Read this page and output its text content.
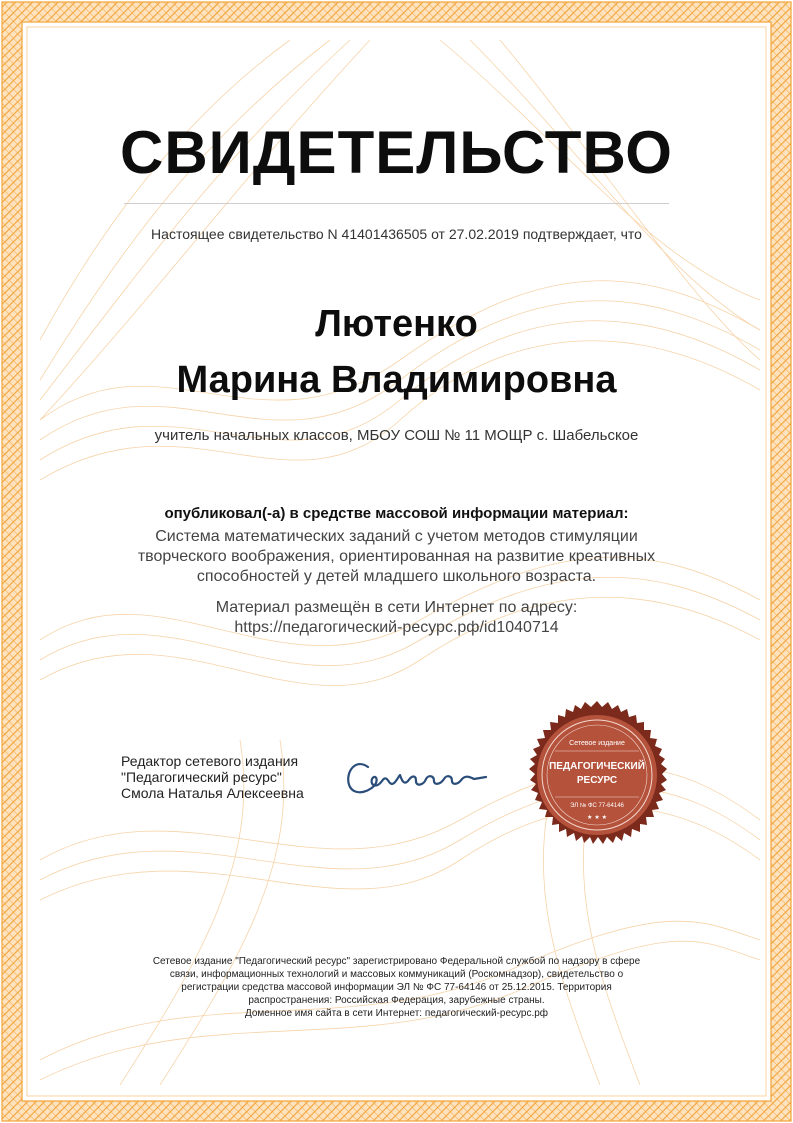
СВИДЕТЕЛЬСТВО
Настоящее свидетельство N 41401436505 от 27.02.2019 подтверждает, что
Лютенко
Марина Владимировна
учитель начальных классов, МБОУ СОШ № 11 МОЩР с. Шабельское
опубликовал(-а) в средстве массовой информации материал:
Система математических заданий с учетом методов стимуляции
творческого воображения, ориентированная на развитие креативных
способностей у детей младшего школьного возраста.
Материал размещён в сети Интернет по адресу:
https://педагогический-ресурс.рф/id1040714
Редактор сетевого издания
"Педагогический ресурс"
Смола Наталья Алексеевна
Сетевое издание
ПЕДАГОГИЧЕСКИЙ
РЕСУРС
ЭЛ № ФС 77-64146
★ ★ ★
Сетевое издание "Педагогический ресурс" зарегистрировано Федеральной службой по надзору в сфере
связи, информационных технологий и массовых коммуникаций (Роскомнадзор), свидетельство о
регистрации средства массовой информации ЭЛ № ФС 77-64146 от 25.12.2015. Территория
распространения: Российская Федерация, зарубежные страны.
Доменное имя сайта в сети Интернет: педагогический-ресурс.рф
